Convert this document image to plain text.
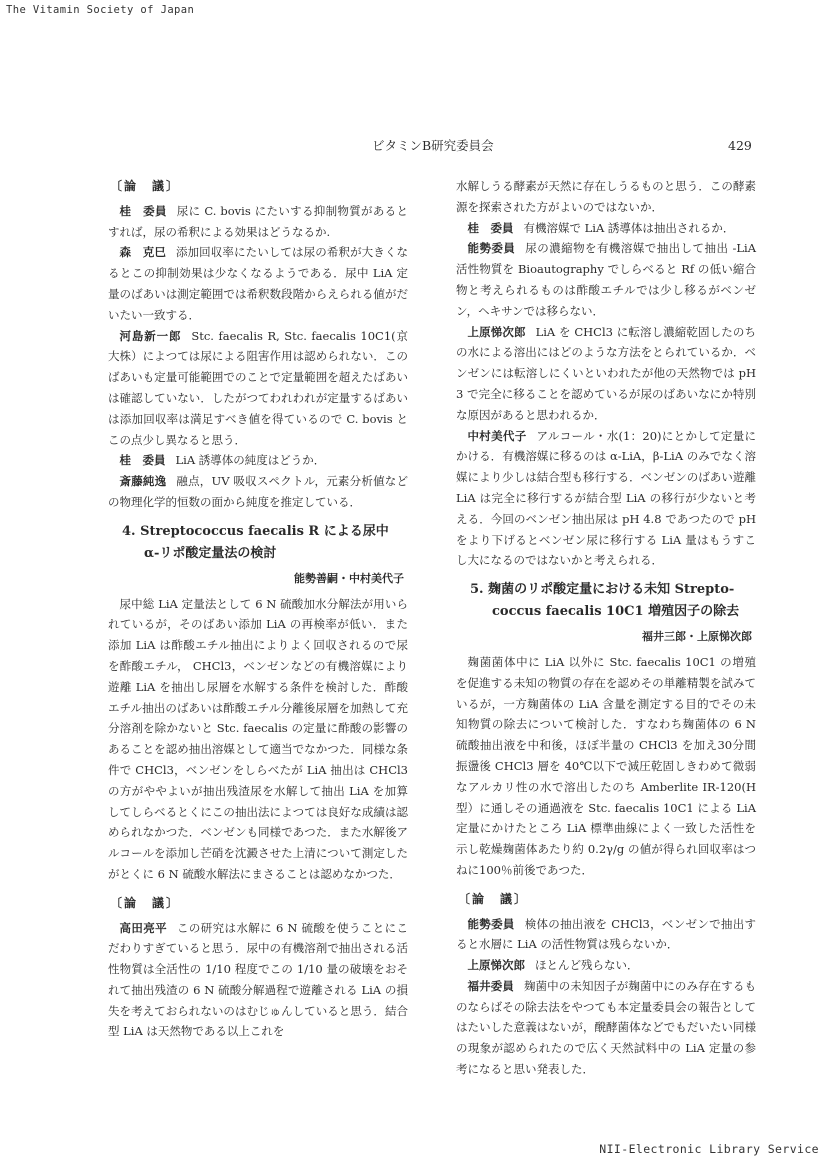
The Vitamin Society of Japan
ビタミンB研究委員会	429
〔論　議〕

桂　委員 尿に C. bovis にたいする抑制物質があるとすれば，尿の希釈による効果はどうなるか.

森　克巳 添加回収率にたいしては尿の希釈が大きくなるとこの抑制効果は少なくなるようである．尿中 LiA 定量のばあいは測定範囲では希釈数段階からえられる値がだいたい一致する．

河島新一郎 Stc. faecalis R, Stc. faecalis 10C1(京大株）によつては尿による阻害作用は認められない．このばあいも定量可能範囲でのことで定量範囲を超えたばあいは確認していない．したがつてわれわれが定量するばあいは添加回収率は満足すべき値を得ているので C. bovis とこの点少し異なると思う．

桂　委員 LiA 誘導体の純度はどうか．

斎藤純逸 融点，UV 吸収スペクトル，元素分析値などの物理化学的恒数の面から純度を推定している．

4. Streptococcus faecalis R による尿中
α-リポ酸定量法の検討
能勢善嗣・中村美代子

尿中総 LiA 定量法として 6 N 硫酸加水分解法が用いられているが，そのばあい添加 LiA の再検率が低い．また添加 LiA は酢酸エチル抽出によりよく回収されるので尿を酢酸エチル， CHCl3，ベンゼンなどの有機溶媒により遊離 LiA を抽出し尿層を水解する条件を検討した．酢酸エチル抽出のばあいは酢酸エチル分離後尿層を加熱して充分溶剤を除かないと Stc. faecalis の定量に酢酸の影響のあることを認め抽出溶媒として適当でなかつた．同様な条件で CHCl3，ベンゼンをしらべたが LiA 抽出は CHCl3 の方がややよいが抽出残渣尿を水解して抽出 LiA を加算してしらべるとくにこの抽出法によつては良好な成績は認められなかつた．ベンゼンも同様であつた．また水解後アルコールを添加し芒硝を沈澱させた上清について測定したがとくに 6 N 硫酸水解法にまさることは認めなかつた．

〔論　議〕

高田亮平 この研究は水解に 6 N 硫酸を使うことにこだわりすぎていると思う．尿中の有機溶剤で抽出される活性物質は全活性の 1/10 程度でこの 1/10 量の破壊をおそれて抽出残渣の 6 N 硫酸分解過程で遊離される LiA の損失を考えておられないのはむじゅんしていると思う．結合型 LiA は天然物である以上これを

水解しうる酵素が天然に存在しうるものと思う．この酵素源を探索された方がよいのではないか．

桂　委員 有機溶媒で LiA 誘導体は抽出されるか．

能勢委員 尿の濃縮物を有機溶媒で抽出して抽出 -LiA 活性物質を Bioautography でしらべると Rf の低い縮合物と考えられるものは酢酸エチルでは少し移るがベンゼン，ヘキサンでは移らない．

上原悌次郎 LiA を CHCl3 に転溶し濃縮乾固したのちの水による溶出にはどのような方法をとられているか．ベンゼンには転溶しにくいといわれたが他の天然物では pH 3 で完全に移ることを認めているが尿のばあいなにか特別な原因があると思われるか．

中村美代子 アルコール・水(1：20)にとかして定量にかける．有機溶媒に移るのは α-LiA，β-LiA のみでなく溶媒により少しは結合型も移行する．ベンゼンのばあい遊離 LiA は完全に移行するが結合型 LiA の移行が少ないと考える．今回のベンゼン抽出尿は pH 4.8 であつたので pH をより下げるとベンゼン尿に移行する LiA 量はもうすこし大になるのではないかと考えられる．

5. 麹菌のリポ酸定量における未知 Strepto-
coccus faecalis 10C1 増殖因子の除去
福井三郎・上原悌次郎

麹菌菌体中に LiA 以外に Stc. faecalis 10C1 の増殖を促進する未知の物質の存在を認めその単離精製を試みているが，一方麹菌体の LiA 含量を測定する目的でその未知物質の除去について検討した．すなわち麹菌体の 6 N 硫酸抽出液を中和後，ほぼ半量の CHCl3 を加え30分間振盪後 CHCl3 層を 40℃以下で減圧乾固しきわめて微弱なアルカリ性の水で溶出したのち Amberlite IR-120(H型）に通しその通過液を Stc. faecalis 10C1 による LiA 定量にかけたところ LiA 標準曲線によく一致した活性を示し乾燥麹菌体あたり約 0.2γ/g の値が得られ回収率はつねに100％前後であつた．

〔論　議〕

能勢委員 検体の抽出液を CHCl3，ベンゼンで抽出すると水層に LiA の活性物質は残らないか．

上原悌次郎 ほとんど残らない．

福井委員 麹菌中の未知因子が麹菌中にのみ存在するものならばその除去法をやつても本定量委員会の報告としてはたいした意義はないが，醗酵菌体などでもだいたい同様の現象が認められたので広く天然試料中の LiA 定量の参考になると思い発表した．

NII-Electronic Library Service
